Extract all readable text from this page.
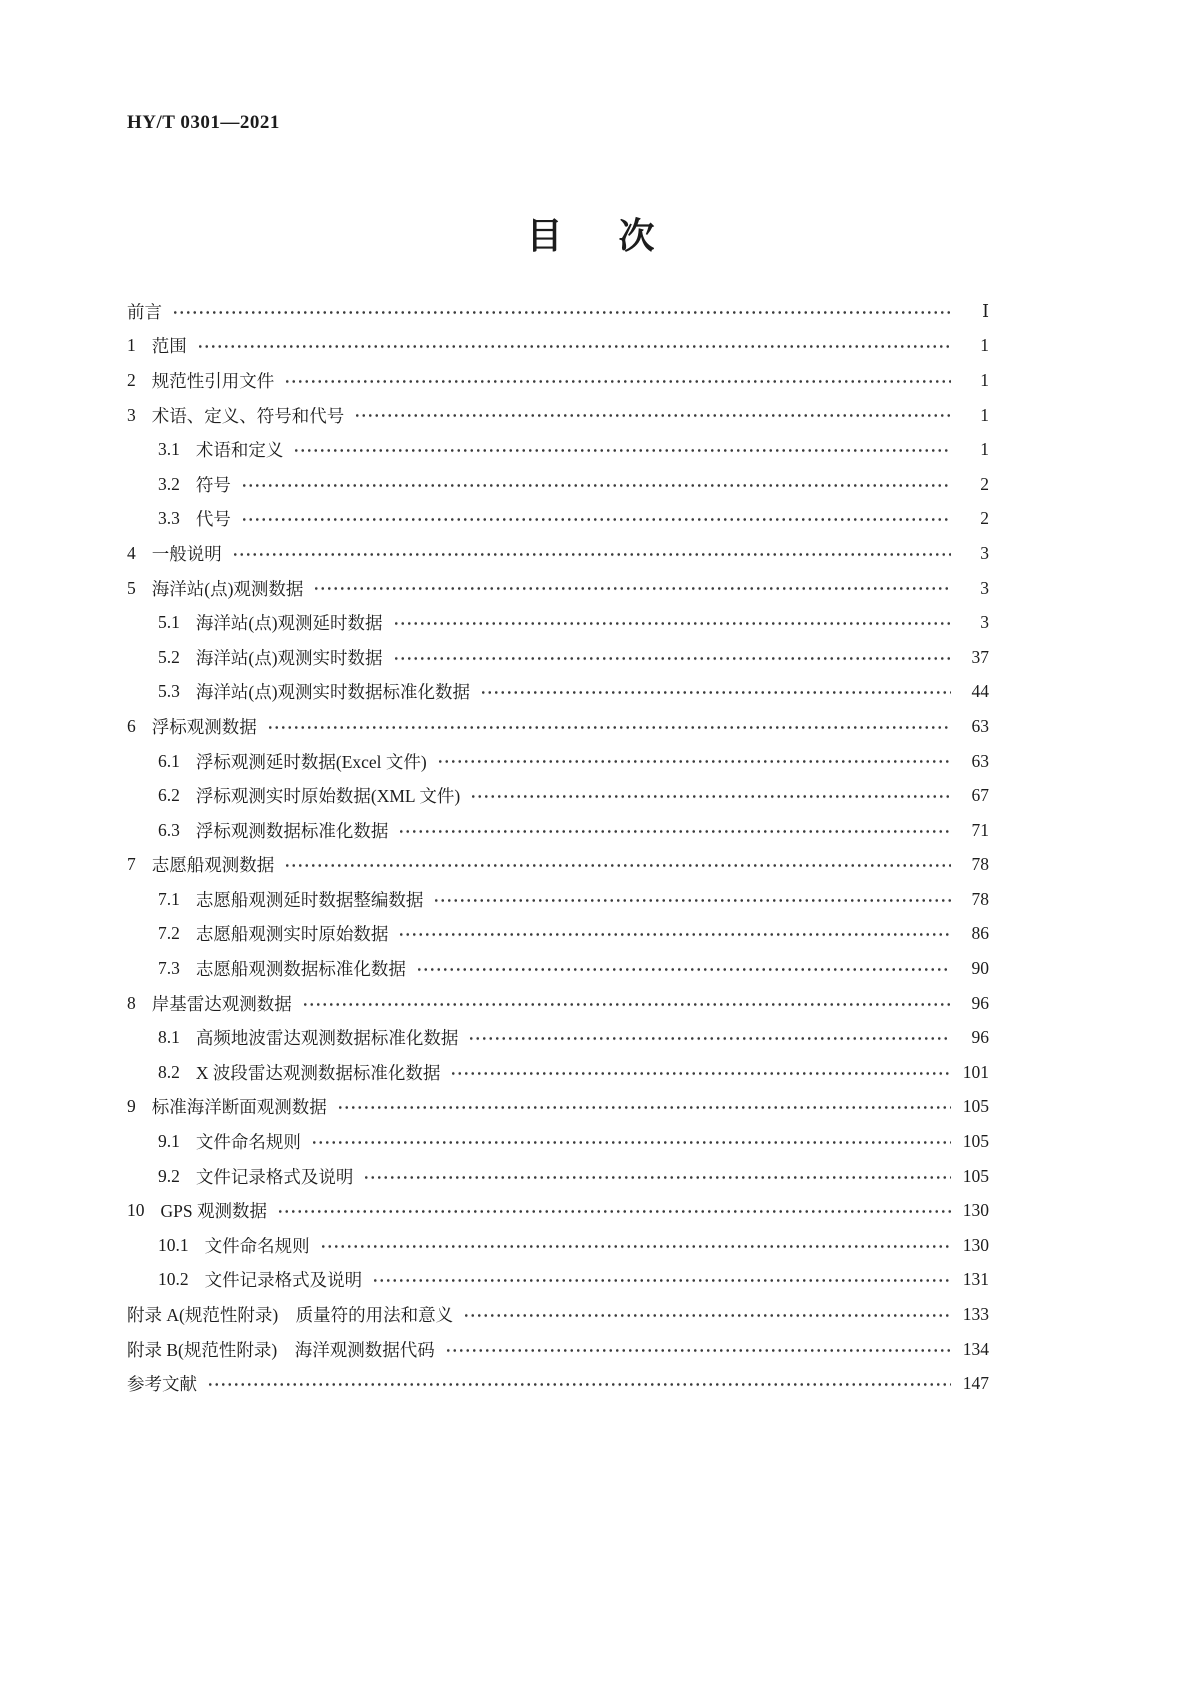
HY/T 0301—2021
目　次
前言	Ⅰ
1 范围	1
2 规范性引用文件	1
3 术语、定义、符号和代号	1
3.1 术语和定义	1
3.2 符号	2
3.3 代号	2
4 一般说明	3
5 海洋站(点)观测数据	3
5.1 海洋站(点)观测延时数据	3
5.2 海洋站(点)观测实时数据	37
5.3 海洋站(点)观测实时数据标准化数据	44
6 浮标观测数据	63
6.1 浮标观测延时数据(Excel 文件)	63
6.2 浮标观测实时原始数据(XML 文件)	67
6.3 浮标观测数据标准化数据	71
7 志愿船观测数据	78
7.1 志愿船观测延时数据整编数据	78
7.2 志愿船观测实时原始数据	86
7.3 志愿船观测数据标准化数据	90
8 岸基雷达观测数据	96
8.1 高频地波雷达观测数据标准化数据	96
8.2 X 波段雷达观测数据标准化数据	101
9 标准海洋断面观测数据	105
9.1 文件命名规则	105
9.2 文件记录格式及说明	105
10 GPS 观测数据	130
10.1 文件命名规则	130
10.2 文件记录格式及说明	131
附录 A(规范性附录)　质量符的用法和意义	133
附录 B(规范性附录)　海洋观测数据代码	134
参考文献	147
